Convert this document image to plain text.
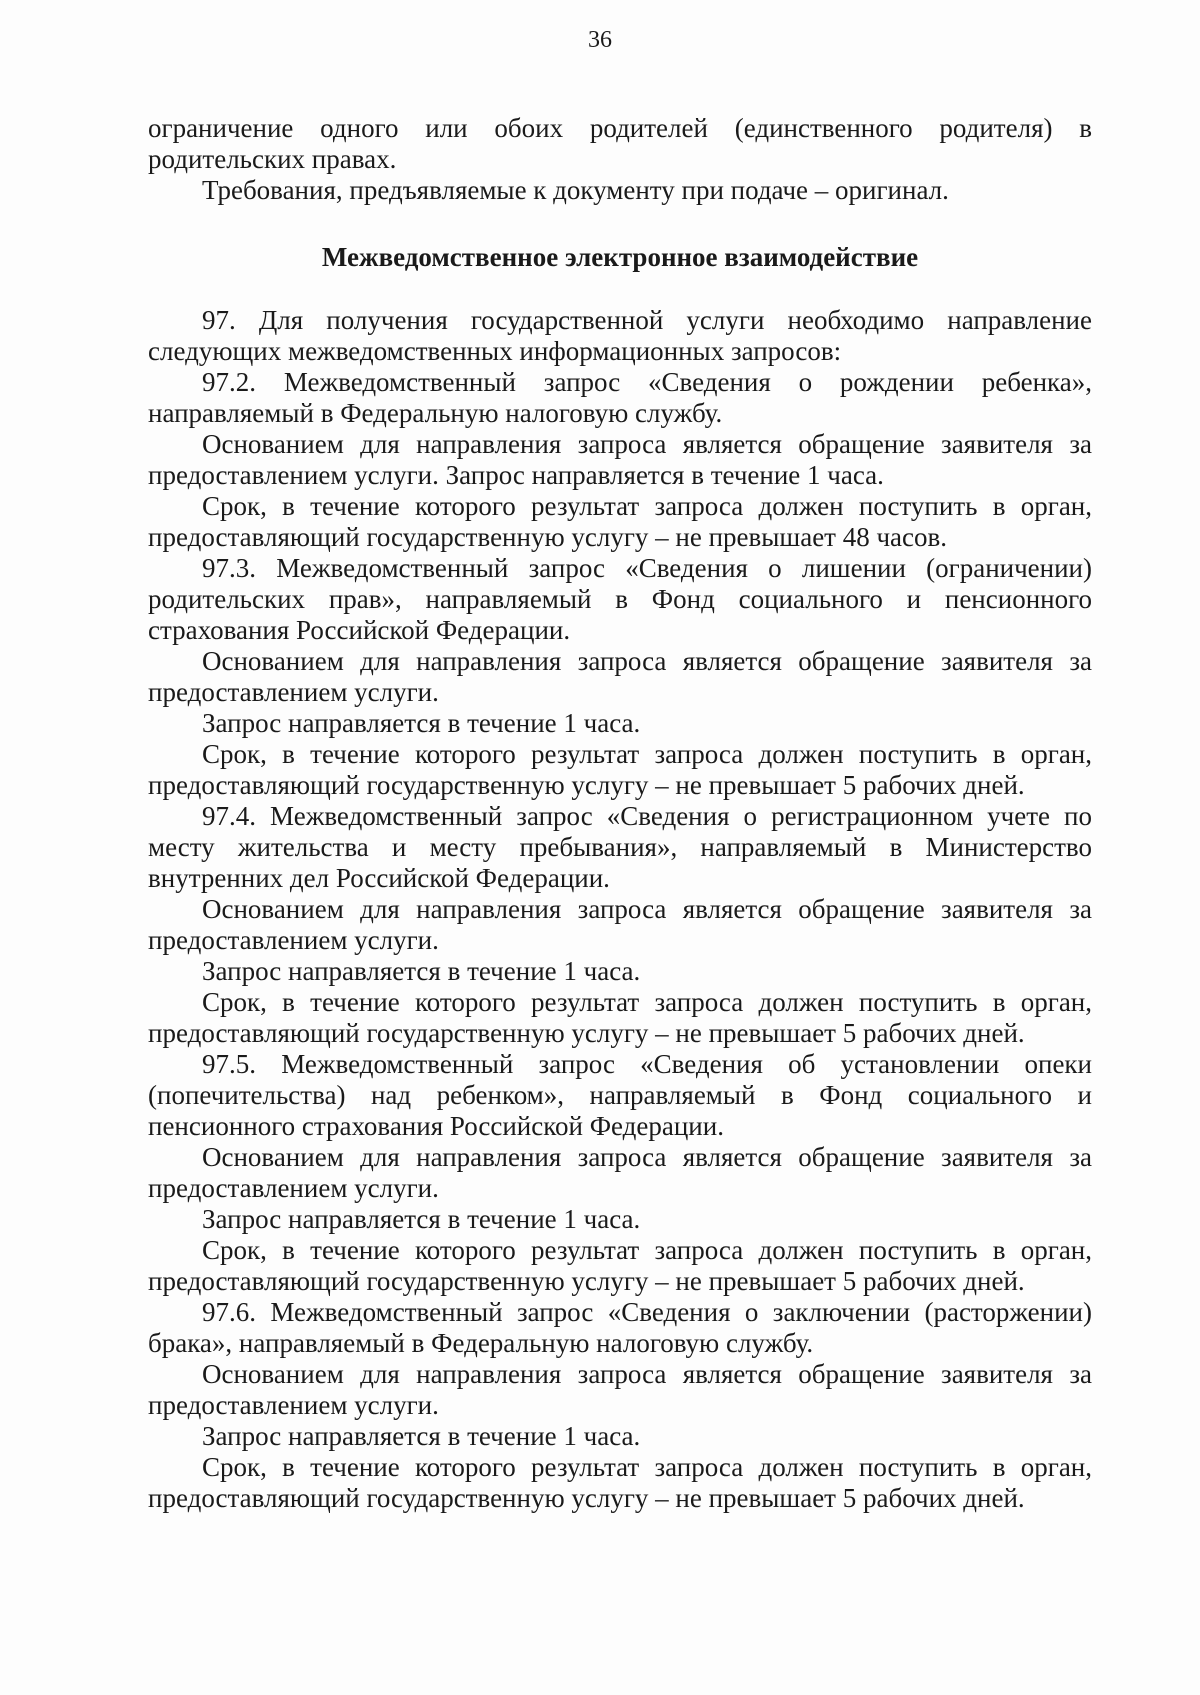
36

ограничение одного или обоих родителей (единственного родителя) в родительских правах.

Требования, предъявляемые к документу при подаче – оригинал.

Межведомственное электронное взаимодействие

97. Для получения государственной услуги необходимо направление следующих межведомственных информационных запросов:

97.2. Межведомственный запрос «Сведения о рождении ребенка», направляемый в Федеральную налоговую службу.

Основанием для направления запроса является обращение заявителя за предоставлением услуги. Запрос направляется в течение 1 часа.

Срок, в течение которого результат запроса должен поступить в орган, предоставляющий государственную услугу – не превышает 48 часов.

97.3. Межведомственный запрос «Сведения о лишении (ограничении) родительских прав», направляемый в Фонд социального и пенсионного страхования Российской Федерации.

Основанием для направления запроса является обращение заявителя за предоставлением услуги.

Запрос направляется в течение 1 часа.

Срок, в течение которого результат запроса должен поступить в орган, предоставляющий государственную услугу – не превышает 5 рабочих дней.

97.4. Межведомственный запрос «Сведения о регистрационном учете по месту жительства и месту пребывания», направляемый в Министерство внутренних дел Российской Федерации.

Основанием для направления запроса является обращение заявителя за предоставлением услуги.

Запрос направляется в течение 1 часа.

Срок, в течение которого результат запроса должен поступить в орган, предоставляющий государственную услугу – не превышает 5 рабочих дней.

97.5. Межведомственный запрос «Сведения об установлении опеки (попечительства) над ребенком», направляемый в Фонд социального и пенсионного страхования Российской Федерации.

Основанием для направления запроса является обращение заявителя за предоставлением услуги.

Запрос направляется в течение 1 часа.

Срок, в течение которого результат запроса должен поступить в орган, предоставляющий государственную услугу – не превышает 5 рабочих дней.

97.6. Межведомственный запрос «Сведения о заключении (расторжении) брака», направляемый в Федеральную налоговую службу.

Основанием для направления запроса является обращение заявителя за предоставлением услуги.

Запрос направляется в течение 1 часа.

Срок, в течение которого результат запроса должен поступить в орган, предоставляющий государственную услугу – не превышает 5 рабочих дней.
